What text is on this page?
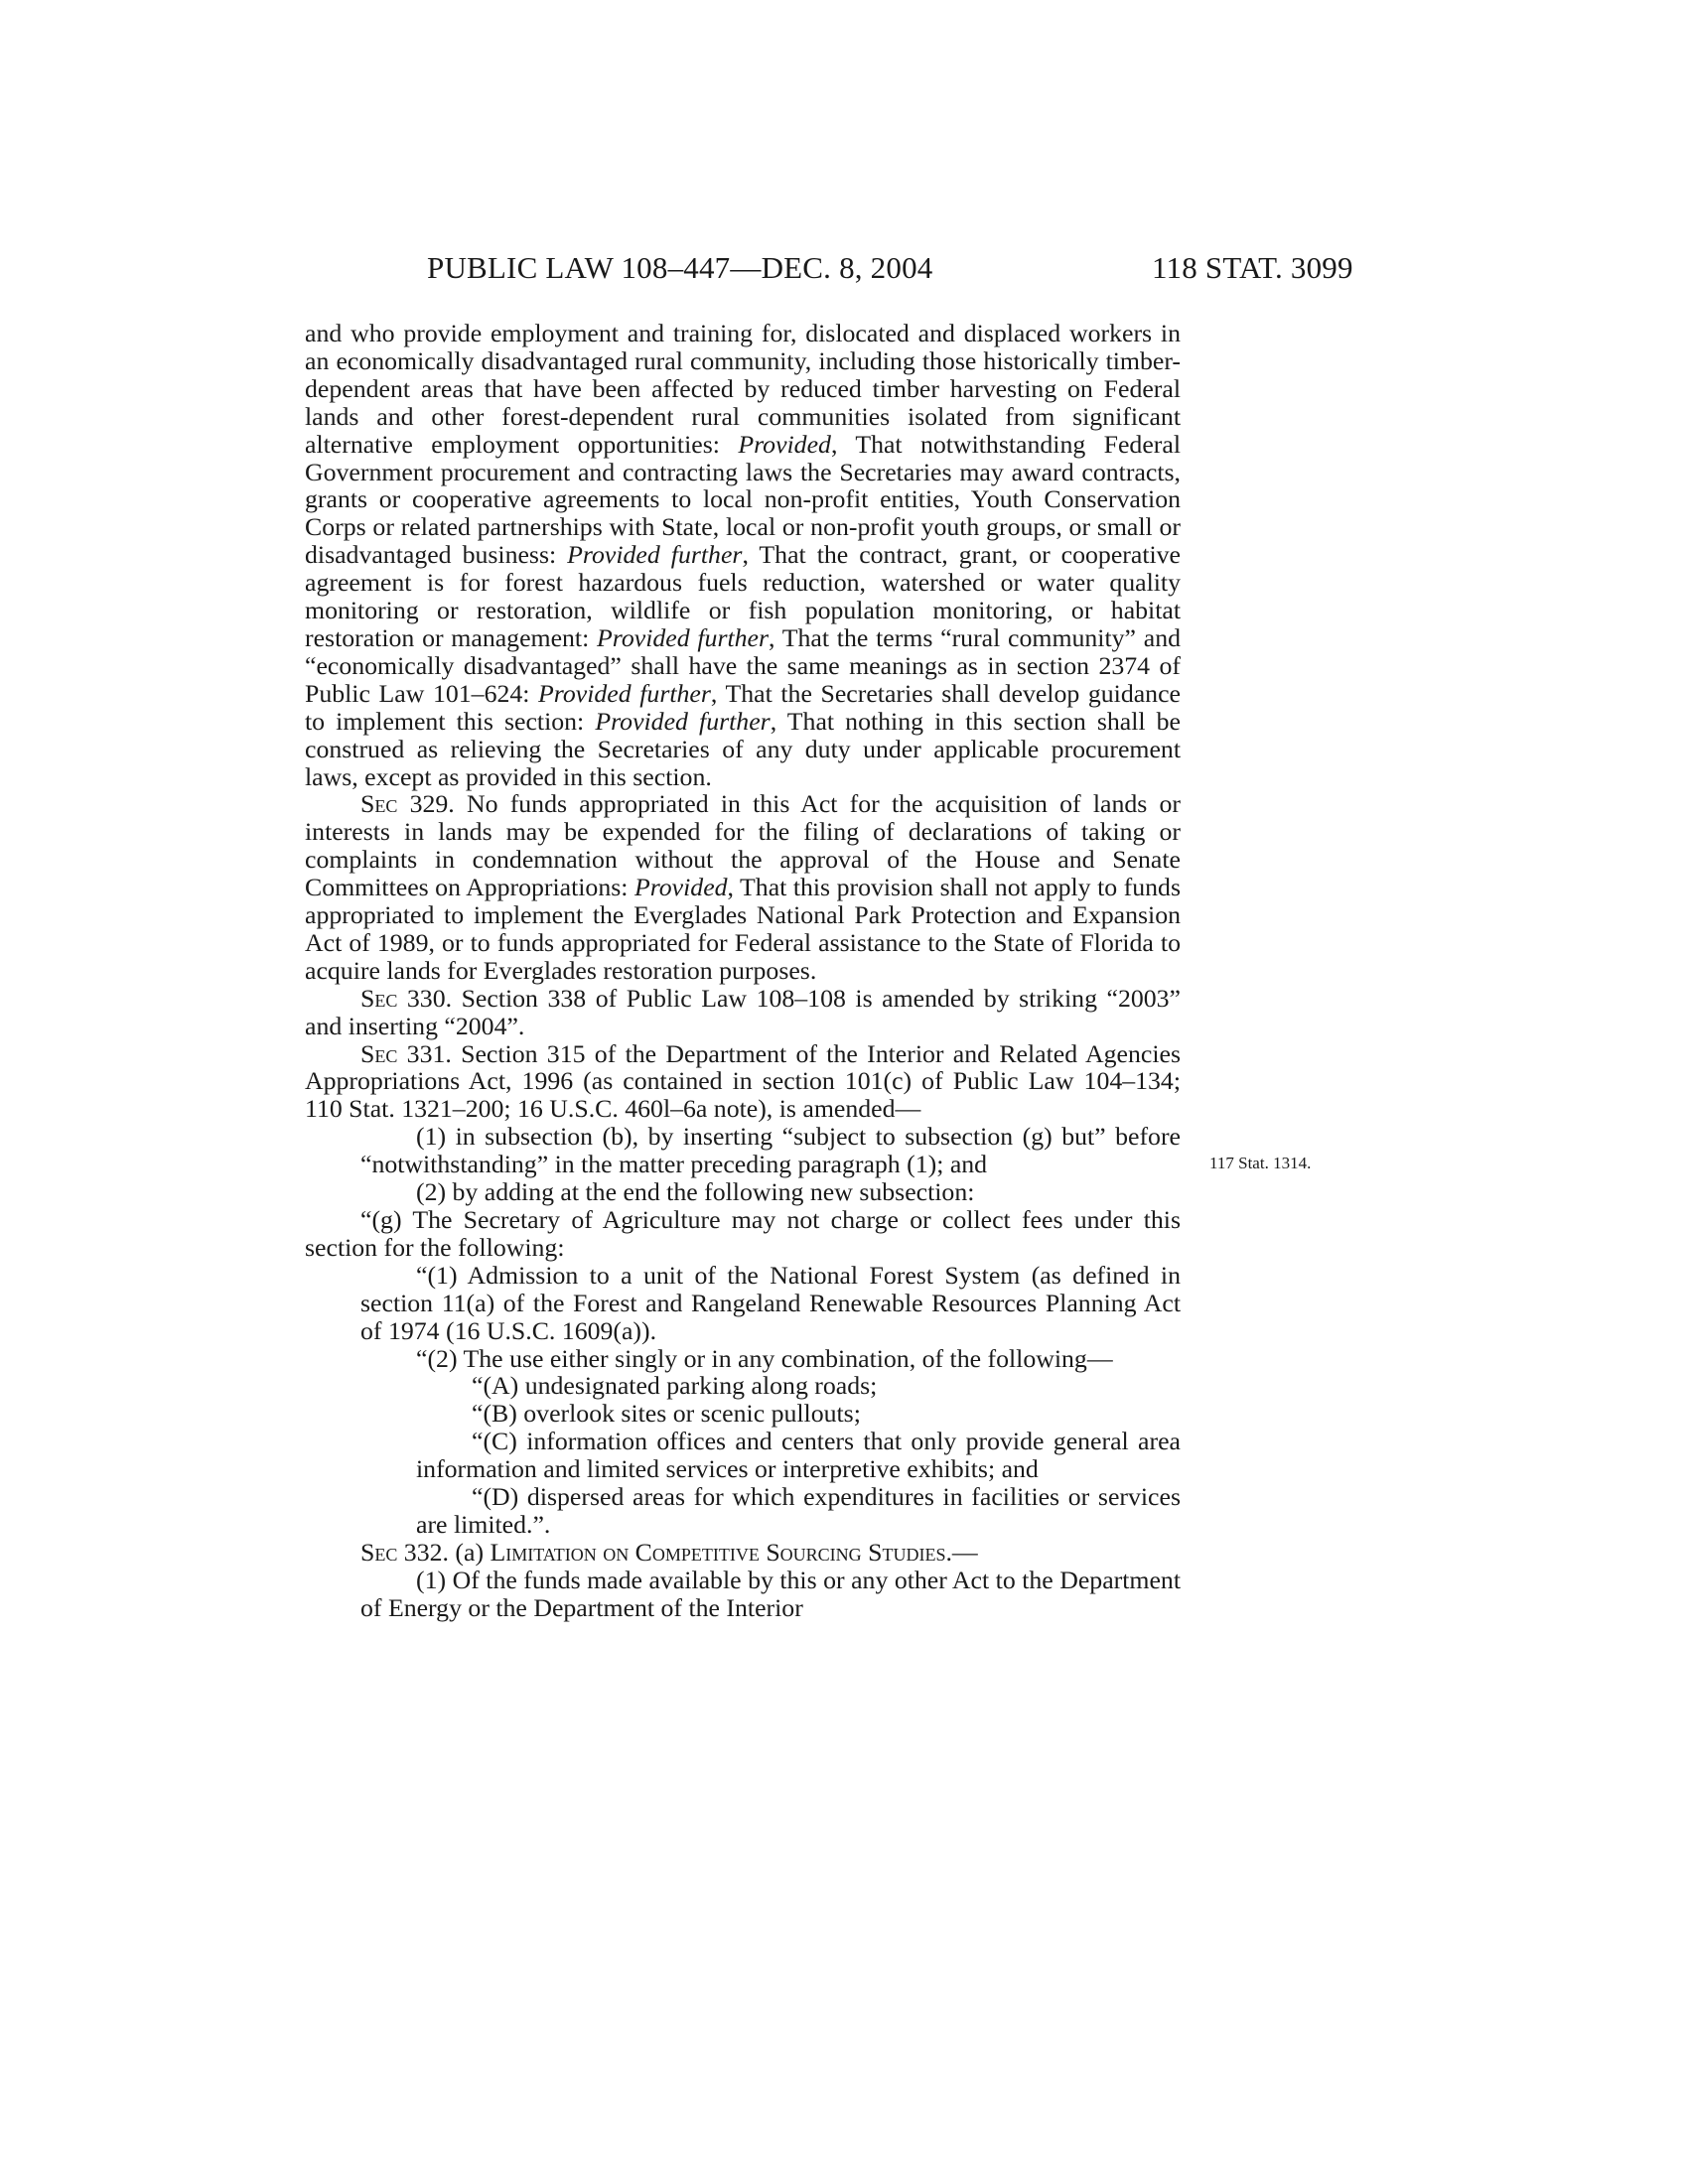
PUBLIC LAW 108–447—DEC. 8, 2004	118 STAT. 3099
117 Stat. 1314.

and who provide employment and training for, dislocated and displaced workers in an economically disadvantaged rural community, including those historically timber-dependent areas that have been affected by reduced timber harvesting on Federal lands and other forest-dependent rural communities isolated from significant alternative employment opportunities: Provided, That notwithstanding Federal Government procurement and contracting laws the Secretaries may award contracts, grants or cooperative agreements to local non-profit entities, Youth Conservation Corps or related partnerships with State, local or non-profit youth groups, or small or disadvantaged business: Provided further, That the contract, grant, or cooperative agreement is for forest hazardous fuels reduction, watershed or water quality monitoring or restoration, wildlife or fish population monitoring, or habitat restoration or management: Provided further, That the terms “rural community” and “economically disadvantaged” shall have the same meanings as in section 2374 of Public Law 101–624: Provided further, That the Secretaries shall develop guidance to implement this section: Provided further, That nothing in this section shall be construed as relieving the Secretaries of any duty under applicable procurement laws, except as provided in this section.

Sec 329. No funds appropriated in this Act for the acquisition of lands or interests in lands may be expended for the filing of declarations of taking or complaints in condemnation without the approval of the House and Senate Committees on Appropriations: Provided, That this provision shall not apply to funds appropriated to implement the Everglades National Park Protection and Expansion Act of 1989, or to funds appropriated for Federal assistance to the State of Florida to acquire lands for Everglades restoration purposes.

Sec 330. Section 338 of Public Law 108–108 is amended by striking “2003” and inserting “2004”.

Sec 331. Section 315 of the Department of the Interior and Related Agencies Appropriations Act, 1996 (as contained in section 101(c) of Public Law 104–134; 110 Stat. 1321–200; 16 U.S.C. 460l–6a note), is amended—

(1) in subsection (b), by inserting “subject to subsection (g) but” before “notwithstanding” in the matter preceding paragraph (1); and

(2) by adding at the end the following new subsection:

“(g) The Secretary of Agriculture may not charge or collect fees under this section for the following:

“(1) Admission to a unit of the National Forest System (as defined in section 11(a) of the Forest and Rangeland Renewable Resources Planning Act of 1974 (16 U.S.C. 1609(a)).

“(2) The use either singly or in any combination, of the following—

“(A) undesignated parking along roads;

“(B) overlook sites or scenic pullouts;

“(C) information offices and centers that only provide general area information and limited services or interpretive exhibits; and

“(D) dispersed areas for which expenditures in facilities or services are limited.”.

Sec 332. (a) Limitation on Competitive Sourcing Studies.—

(1) Of the funds made available by this or any other Act to the Department of Energy or the Department of the Interior
